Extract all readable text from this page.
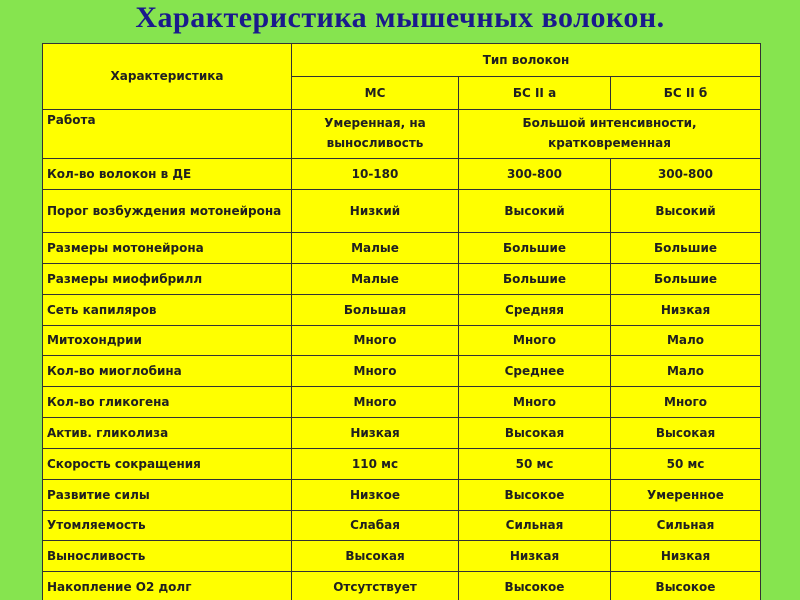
Характеристика мышечных волокон.
Характеристика	Тип волокон		
	МС	БС II а	БС II б
Работа	Умеренная, на выносливость	Большой интенсивности, кратковременная	
Кол-во волокон в ДЕ	10-180	300-800	300-800
Порог возбуждения мотонейрона	Низкий	Высокий	Высокий
Размеры мотонейрона	Малые	Большие	Большие
Размеры миофибрилл	Малые	Большие	Большие
Сеть капиляров	Большая	Средняя	Низкая
Митохондрии	Много	Много	Мало
Кол-во миоглобина	Много	Среднее	Мало
Кол-во гликогена	Много	Много	Много
Актив. гликолиза	Низкая	Высокая	Высокая
Скорость сокращения	110 мс	50 мс	50 мс
Развитие силы	Низкое	Высокое	Умеренное
Утомляемость	Слабая	Сильная	Сильная
Выносливость	Высокая	Низкая	Низкая
Накопление О2 долг	Отсутствует	Высокое	Высокое
